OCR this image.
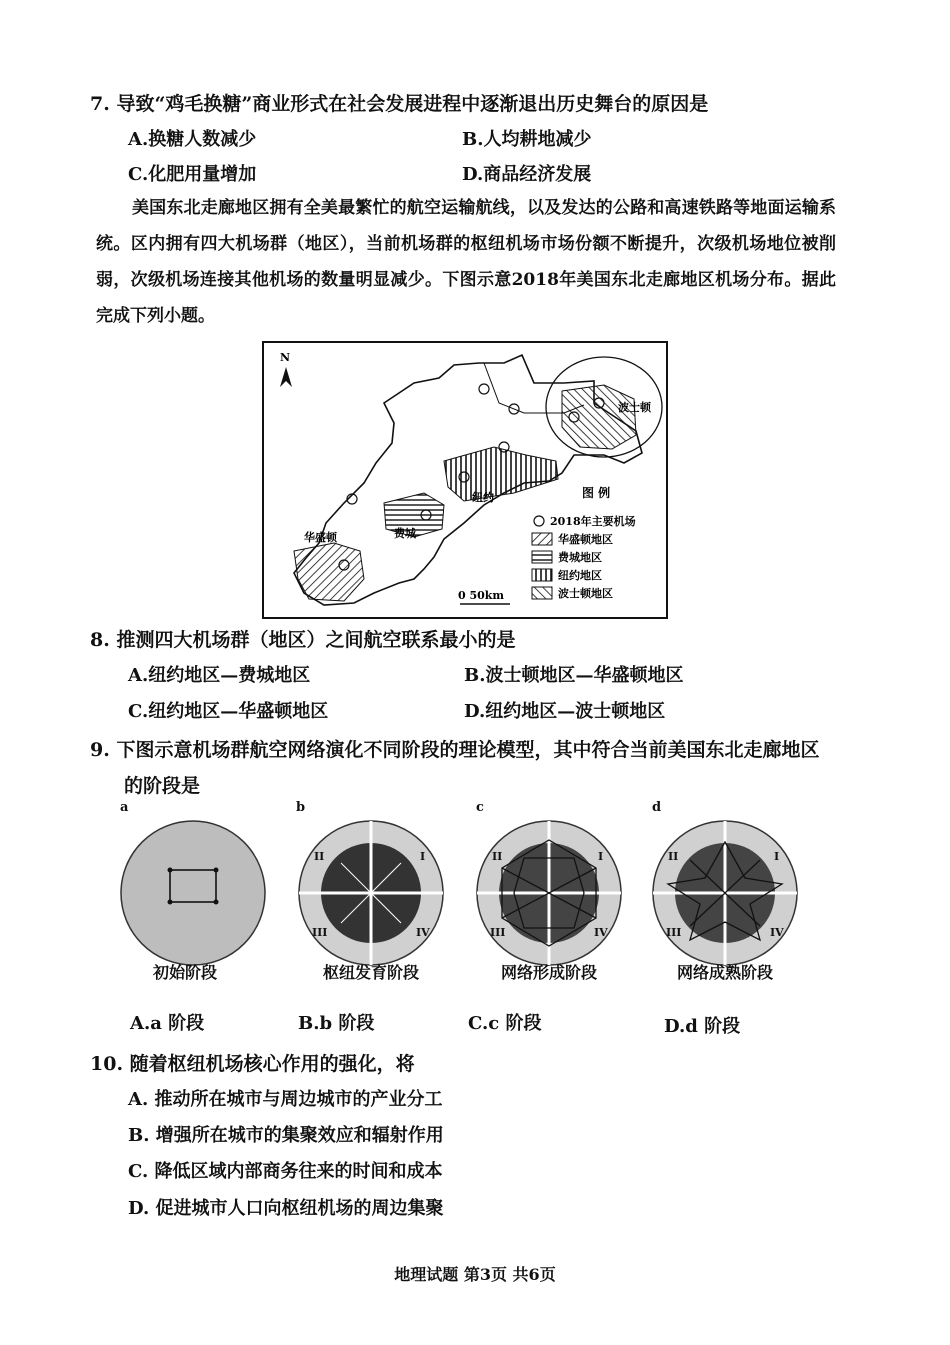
7. 导致“鸡毛换糖”商业形式在社会发展进程中逐渐退出历史舞台的原因是
A.换糖人数减少	B.人均耕地减少
C.化肥用量增加	D.商品经济发展
美国东北走廊地区拥有全美最繁忙的航空运输航线，以及发达的公路和高速铁路等地面运输系统。区内拥有四大机场群（地区），当前机场群的枢纽机场市场份额不断提升，次级机场地位被削弱，次级机场连接其他机场的数量明显减少。下图示意2018年美国东北走廊地区机场分布。据此完成下列小题。
N
波士顿
纽约
费城
华盛顿
图 例
2018年主要机场
华盛顿地区
费城地区
纽约地区
波士顿地区
0 50km
8. 推测四大机场群（地区）之间航空联系最小的是
A.纽约地区—费城地区	B.波士顿地区—华盛顿地区
C.纽约地区—华盛顿地区	D.纽约地区—波士顿地区
9. 下图示意机场群航空网络演化不同阶段的理论模型，其中符合当前美国东北走廊地区
的阶段是
a	b	c	d
II	I
III	IV
II	I
III	IV
II	I
III	IV
初始阶段	枢纽发育阶段	网络形成阶段	网络成熟阶段
A.a 阶段	B.b 阶段	C.c 阶段	D.d 阶段
10. 随着枢纽机场核心作用的强化，将
A. 推动所在城市与周边城市的产业分工
B. 增强所在城市的集聚效应和辐射作用
C. 降低区域内部商务往来的时间和成本
D. 促进城市人口向枢纽机场的周边集聚
地理试题 第3页 共6页
